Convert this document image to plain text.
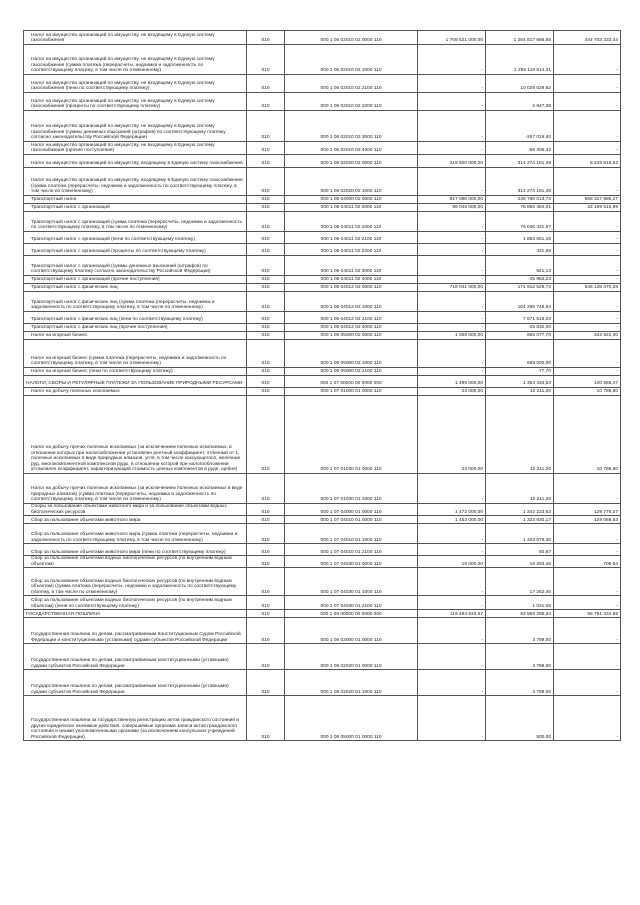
Налог на имущество организаций по имуществу, не входящему в Единую систему газоснабжения	010	000 1 06 02010 02 0000 110	1 709 521 000,00	1 264 817 666,56	444 703 333,44
Налог на имущество организаций по имуществу, не входящему в Единую систему газоснабжения (сумма платежа (перерасчеты, недоимка и задолженность по соответствующему платежу, в том числе по отмененному)	010	000 1 06 02010 02 1000 110	-	1 255 118 514,31	-
Налог на имущество организаций по имуществу, не входящему в Единую систему газоснабжения (пени по соответствующему платежу)	010	000 1 06 02010 02 2100 110	-	10 029 629,62	-
Налог на имущество организаций по имуществу, не входящему в Единую систему газоснабжения (проценты по соответствующему платежу)	010	000 1 06 02010 02 2200 110	-	2 847,38	-
Налог на имущество организаций по имуществу, не входящему в Единую систему газоснабжения (суммы денежных взысканий (штрафов) по соответствующему платежу согласно законодательству Российской Федерации)	010	000 1 06 02010 02 3000 110	-	-267 019,40	-
Налог на имущество организаций по имуществу, не входящему в Единую систему газоснабжения (прочие поступления)	010	000 1 06 02010 02 4000 110	-	-56 305,32	-
Налог на имущество организаций по имуществу, входящему в Единую систему газоснабжения	010	000 1 06 02020 02 0000 110	319 500 000,00	314 274 181,48	5 225 818,52
Налог на имущество организаций по имуществу, входящему в Единую систему газоснабжения (сумма платежа (перерасчеты, недоимка и задолженность по соответствующему платежу, в том числе по отмененному)	010	000 1 06 02020 02 1000 110	-	314 274 181,48	-
Транспортный налог	010	000 1 06 04000 02 0000 110	817 086 000,00	248 768 013,73	568 317 986,27
Транспортный налог с организаций	010	000 1 06 04011 02 0000 110	99 045 000,00	76 855 484,01	22 189 515,99
Транспортный налог с организаций (сумма платежа (перерасчеты, недоимка и задолженность по соответствующему платежу, в том числе по отмененному)	010	000 1 06 04011 02 1000 110	-	76 036 431,97	-
Транспортный налог с организаций (пени по соответствующему платежу)	010	000 1 06 04011 02 2100 110	-	1 863 661,16	-
Транспортный налог с организаций (проценты по соответствующему платежу)	010	000 1 06 04011 02 2200 110	-	431,66	-
Транспортный налог с организаций (суммы денежных взысканий (штрафов) по соответствующему платежу согласно законодательству Российской Федерации)	010	000 1 06 04011 02 3000 110	-	921,13	-
Транспортный налог с организаций (прочие поступления)	010	000 1 06 04011 02 4000 110	-	-45 962,23	-
Транспортный налог с физических лиц	010	000 1 06 04012 02 0000 110	718 041 000,00	171 912 529,72	546 128 470,28
Транспортный налог с физических лиц (сумма платежа (перерасчеты, недоимка и задолженность по соответствующему платежу, в том числе по отмененному)	010	000 1 06 04012 02 1000 110	-	164 266 746,64	-
Транспортный налог с физических лиц (пени по соответствующему платежу)	010	000 1 06 04012 02 2100 110	-	7 671 615,03	-
Транспортный налог с физических лиц (прочие поступления)	010	000 1 06 04012 02 4000 110	-	-25 832,00	-
Налог на игорный бизнес	010	000 1 06 05000 02 0000 110	1 008 000,00	665 077,70	342 922,30
Налог на игорный бизнес (сумма платежа (перерасчеты, недоимка и задолженность по соответствующему платежу, в том числе по отмененному)	010	000 1 06 05000 02 1000 110	-	665 000,00	-
Налог на игорный бизнес (пени по соответствующему платежу)	010	000 1 06 05000 02 2100 110	-	77,70	-
НАЛОГИ, СБОРЫ И РЕГУЛЯРНЫЕ ПЛАТЕЖИ ЗА ПОЛЬЗОВАНИЕ ПРИРОДНЫМИ РЕСУРСАМИ	010	000 1 07 00000 00 0000 000	1 495 000,00	1 354 434,53	140 565,47
Налог на добычу полезных ископаемых	010	000 1 07 01000 01 0000 110	23 000,00	12 211,20	10 788,80
Налог на добычу прочих полезных ископаемых (за исключением полезных ископаемых, в отношении которых при налогообложении установлен рентный коэффициент, отличный от 1, полезных ископаемых в виде природных алмазов, угля, в том числе коксующегося, железных руд, многокомпонентной комплексной руды, в отношении которой при налогообложении установлен коэффициент, характеризующий стоимость ценных компонентов в руде, щебня)	010	000 1 07 01030 01 0000 110	23 000,00	12 211,20	10 788,80
Налог на добычу прочих полезных ископаемых (за исключением полезных ископаемых в виде природных алмазов) (сумма платежа (перерасчеты, недоимка и задолженность по соответствующему платежу, в том числе по отмененному)	010	000 1 07 01030 01 1000 110	-	12 211,20	-
Сборы за пользование объектами животного мира и за пользование объектами водных биологических ресурсов	010	000 1 07 04000 01 0000 110	1 472 000,00	1 342 223,63	129 776,37
Сбор за пользование объектами животного мира	010	000 1 07 04010 01 0000 110	1 453 000,00	1 323 930,17	129 069,83
Сбор за пользование объектами животного мира (сумма платежа (перерасчеты, недоимка и задолженность по соответствующему платежу, в том числе по отмененному)	010	000 1 07 04010 01 1000 110	-	1 323 679,30	-
Сбор за пользование объектами животного мира (пени по соответствующему платежу)	010	000 1 07 04010 01 2100 110	-	50,87	-
Сбор за пользование объектами водных биологических ресурсов (по внутренним водным объектам)	010	000 1 07 04030 01 0000 110	19 000,00	18 293,46	706,54
Сбор за пользование объектами водных биологических ресурсов (по внутренним водным объектам) (сумма платежа (перерасчеты, недоимка и задолженность по соответствующему платежу, в том числе по отмененному)	010	000 1 07 04030 01 1000 110	-	17 262,40	-
Сбор за пользование объектами водных биологических ресурсов (по внутренним водным объектам) (пени по соответствующему платежу)	010	000 1 07 04030 01 2100 110	-	1 031,06	-
ГОСУДАРСТВЕННАЯ ПОШЛИНА	010	000 1 08 00000 00 0000 000	119 484 533,67	63 968 295,34	55 791 334,88
Государственная пошлина по делам, рассматриваемым Конституционным Судом Российской Федерации и конституционными (уставными) судами субъектов Российской Федерации	010	000 1 08 02000 01 0000 110	-	3 799,00	-
Государственная пошлина по делам, рассматриваемым конституционными (уставными) судами субъектов Российской Федерации	010	000 1 08 02020 01 0000 110	-	3 799,00	-
Государственная пошлина по делам, рассматриваемым конституционными (уставными) судами субъектов Российской Федерации	010	000 1 08 02020 01 1000 110	-	3 799,00	-
Государственная пошлина за государственную регистрацию актов гражданского состояния и другие юридически значимые действия, совершаемые органами записи актов гражданского состояния и иными уполномоченными органами (за исключением консульских учреждений Российской Федерации)	010	000 1 08 05000 01 0000 110	-	500,00	-
